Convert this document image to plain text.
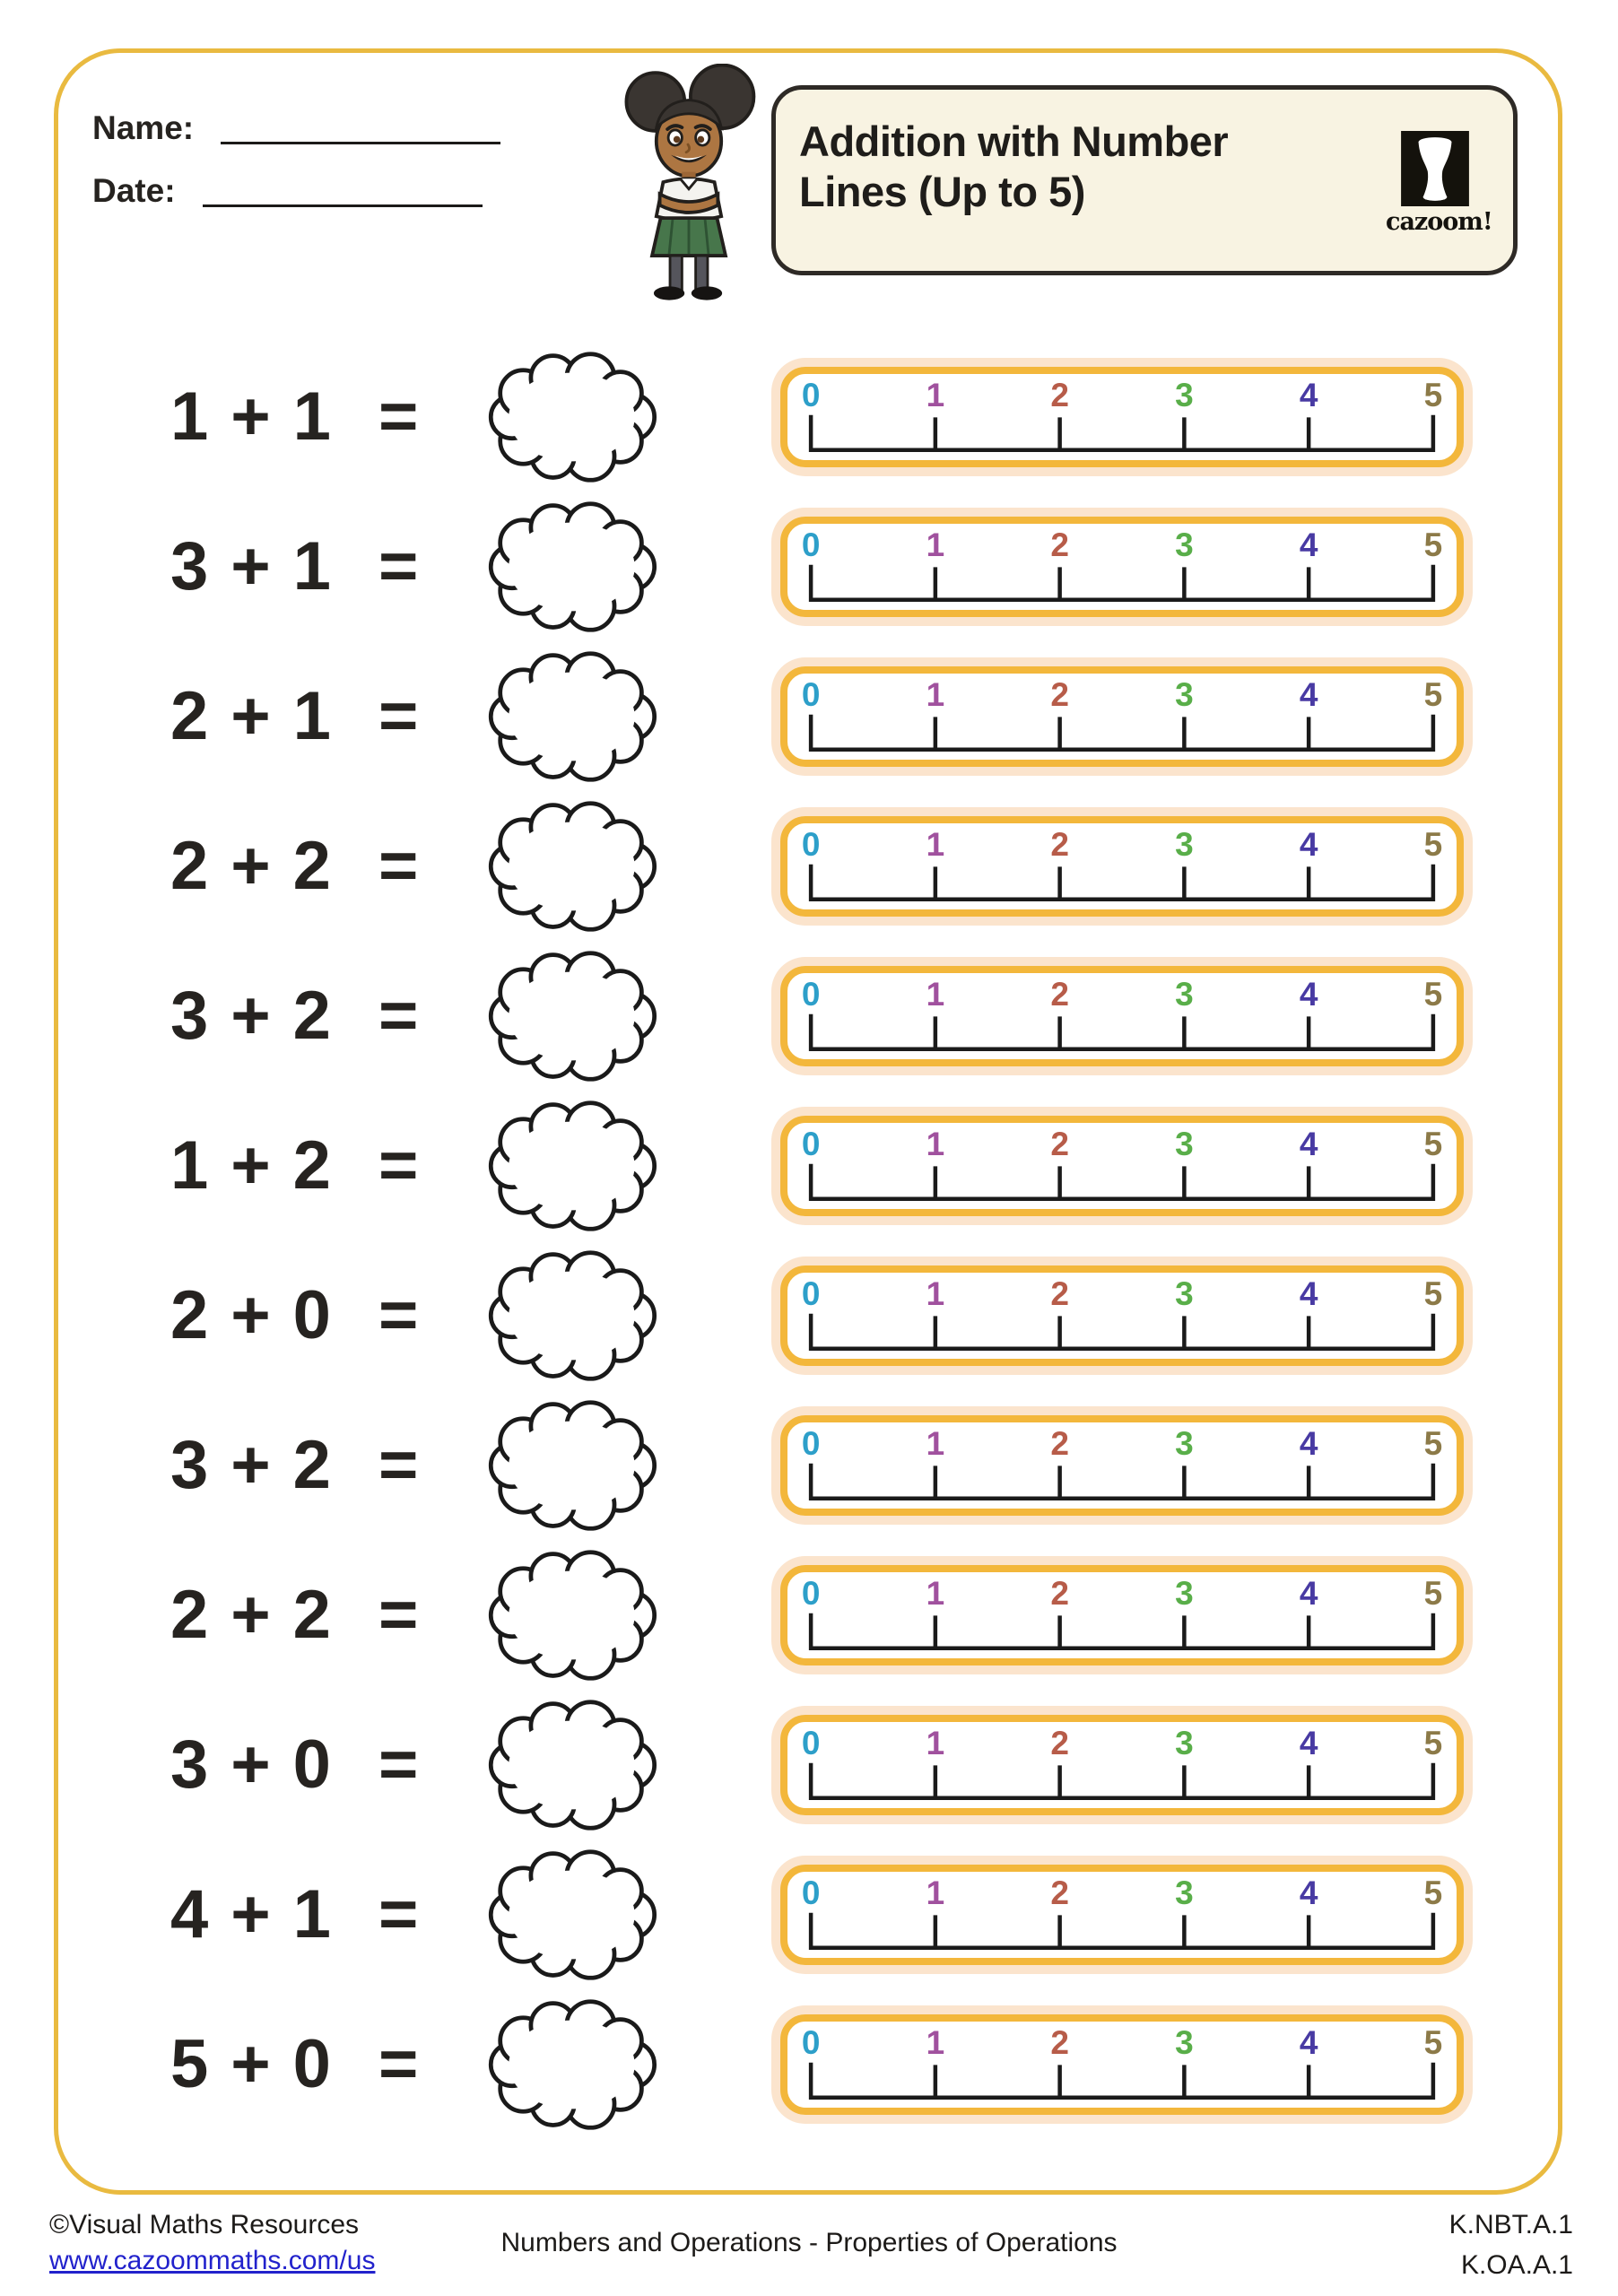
Name:
Date:
Addition with Number Lines (Up to 5)
cazoom!
1 + 1 =	0	1	2	3	4	5
3 + 1 =	0	1	2	3	4	5
2 + 1 =	0	1	2	3	4	5
2 + 2 =	0	1	2	3	4	5
3 + 2 =	0	1	2	3	4	5
1 + 2 =	0	1	2	3	4	5
2 + 0 =	0	1	2	3	4	5
3 + 2 =	0	1	2	3	4	5
2 + 2 =	0	1	2	3	4	5
3 + 0 =	0	1	2	3	4	5
4 + 1 =	0	1	2	3	4	5
5 + 0 =	0	1	2	3	4	5
©Visual Maths Resources
www.cazoommaths.com/us
Numbers and Operations - Properties of Operations
K.NBT.A.1
K.OA.A.1
